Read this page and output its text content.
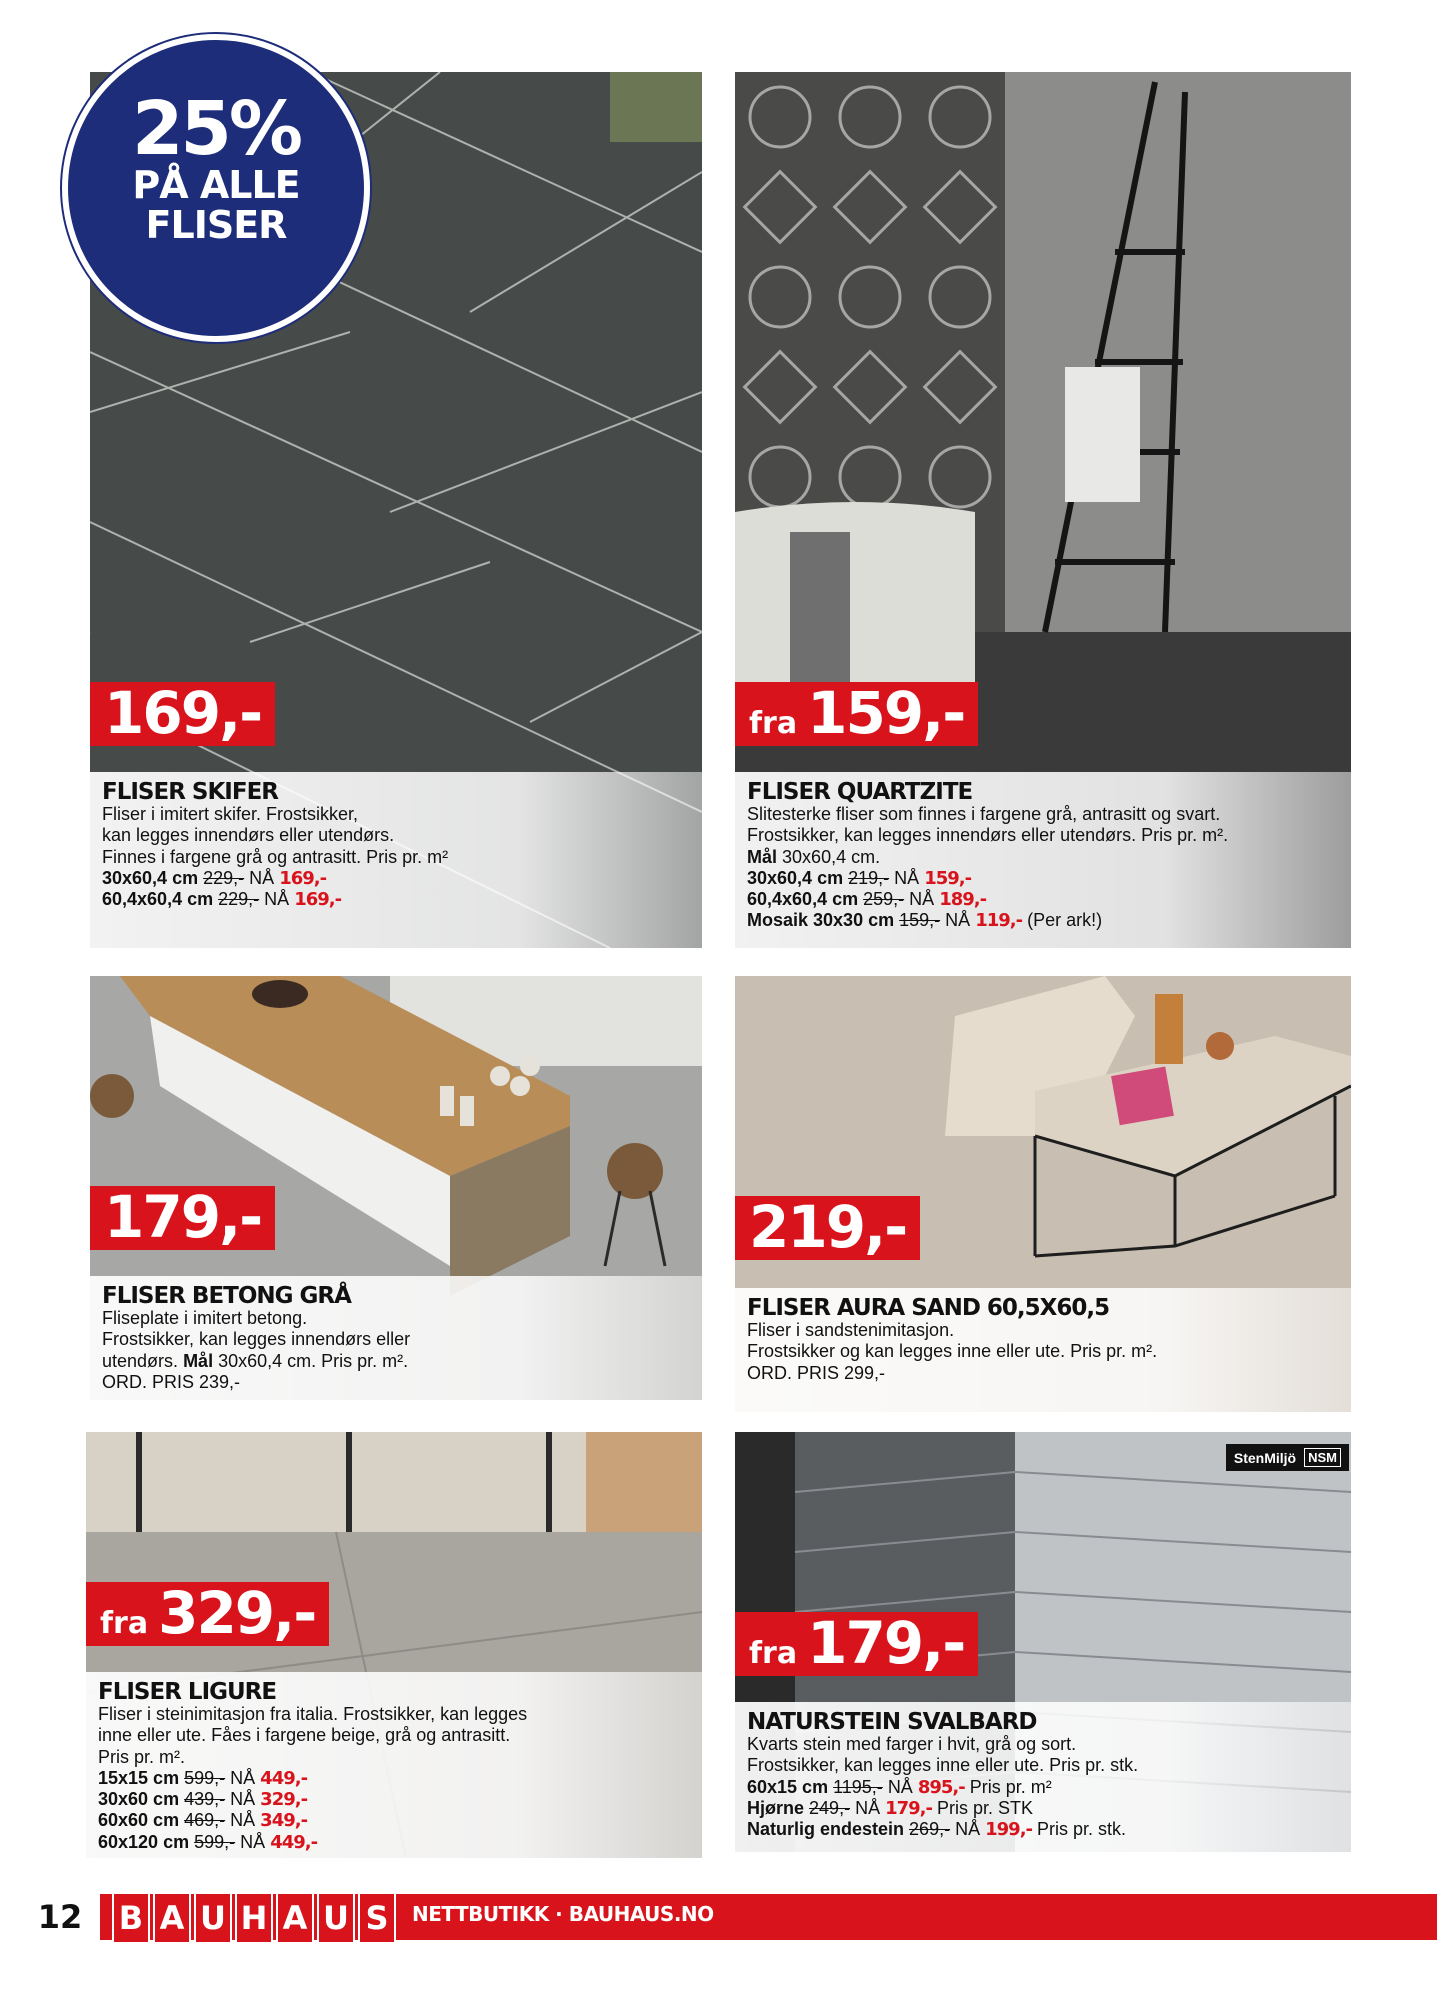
169,-
FLISER SKIFER
Fliser i imitert skifer. Frostsikker,
kan legges innendørs eller utendørs.
Finnes i fargene grå og antrasitt. Pris pr. m²
30x60,4 cm 229,- NÅ 169,-
60,4x60,4 cm 229,- NÅ 169,-
25%
PÅ ALLE
FLISER
fra 159,-
FLISER QUARTZITE
Slitesterke fliser som finnes i fargene grå, antrasitt og svart.
Frostsikker, kan legges innendørs eller utendørs. Pris pr. m².
Mål 30x60,4 cm.
30x60,4 cm 219,- NÅ 159,-
60,4x60,4 cm 259,- NÅ 189,-
Mosaik 30x30 cm 159,- NÅ 119,- (Per ark!)
179,-
FLISER BETONG GRÅ
Fliseplate i imitert betong.
Frostsikker, kan legges innendørs eller
utendørs. Mål 30x60,4 cm. Pris pr. m².
ORD. PRIS 239,-
219,-
FLISER AURA SAND 60,5X60,5
Fliser i sandstenimitasjon.
Frostsikker og kan legges inne eller ute. Pris pr. m².
ORD. PRIS 299,-
fra 329,-
FLISER LIGURE
Fliser i steinimitasjon fra italia. Frostsikker, kan legges
inne eller ute. Fåes i fargene beige, grå og antrasitt.
Pris pr. m².
15x15 cm 599,- NÅ 449,-
30x60 cm 439,- NÅ 329,-
60x60 cm 469,- NÅ 349,-
60x120 cm 599,- NÅ 449,-
StenMiljö NSM
fra 179,-
NATURSTEIN SVALBARD
Kvarts stein med farger i hvit, grå og sort.
Frostsikker, kan legges inne eller ute. Pris pr. stk.
60x15 cm 1195,- NÅ 895,- Pris pr. m²
Hjørne 249,- NÅ 179,- Pris pr. STK
Naturlig endestein 269,- NÅ 199,- Pris pr. stk.
12	B A U H A U S	NETTBUTIKK · BAUHAUS.NO
